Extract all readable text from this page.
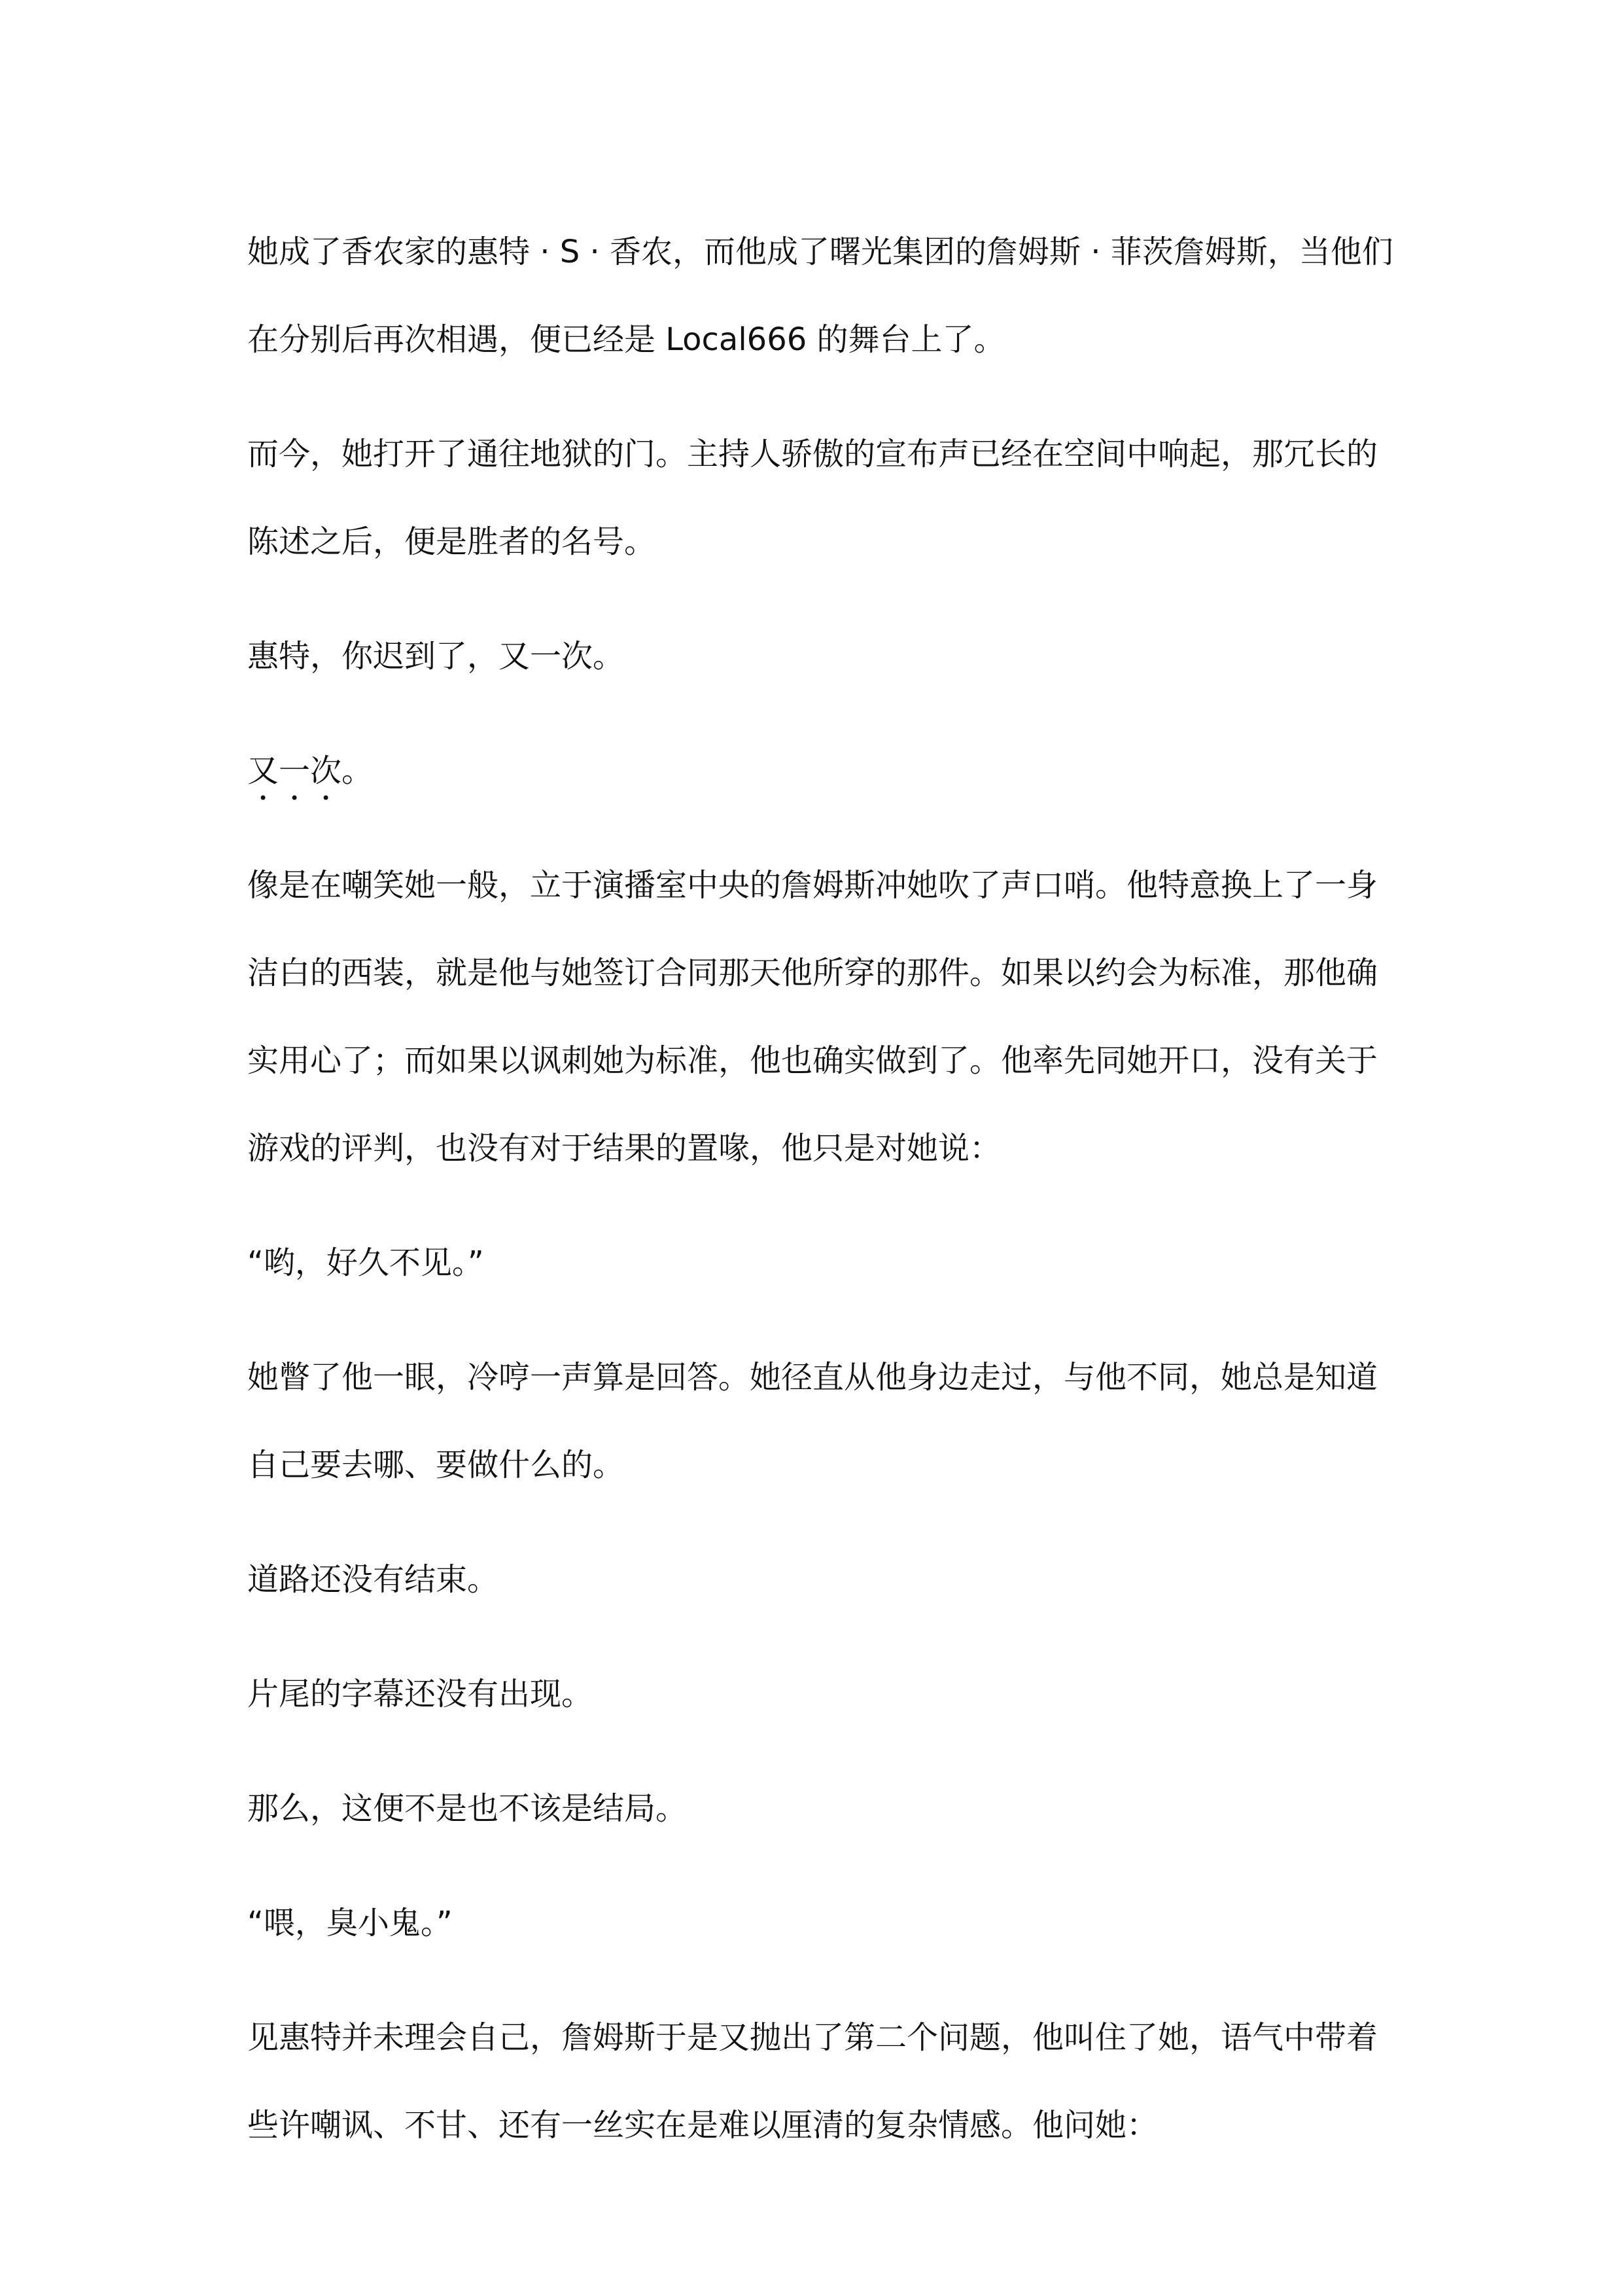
她成了香农家的惠特 · S · 香农，而他成了曙光集团的詹姆斯 · 菲茨詹姆斯，当他们在分别后再次相遇，便已经是 Local666 的舞台上了。

而今，她打开了通往地狱的门。主持人骄傲的宣布声已经在空间中响起，那冗长的陈述之后，便是胜者的名号。

惠特，你迟到了，又一次。

又一次。

像是在嘲笑她一般，立于演播室中央的詹姆斯冲她吹了声口哨。他特意换上了一身洁白的西装，就是他与她签订合同那天他所穿的那件。如果以约会为标准，那他确实用心了；而如果以讽刺她为标准，他也确实做到了。他率先同她开口，没有关于游戏的评判，也没有对于结果的置喙，他只是对她说：

“哟，好久不见。”

她瞥了他一眼，冷哼一声算是回答。她径直从他身边走过，与他不同，她总是知道自己要去哪、要做什么的。

道路还没有结束。

片尾的字幕还没有出现。

那么，这便不是也不该是结局。

“喂，臭小鬼。”

见惠特并未理会自己，詹姆斯于是又抛出了第二个问题，他叫住了她，语气中带着些许嘲讽、不甘、还有一丝实在是难以厘清的复杂情感。他问她：
